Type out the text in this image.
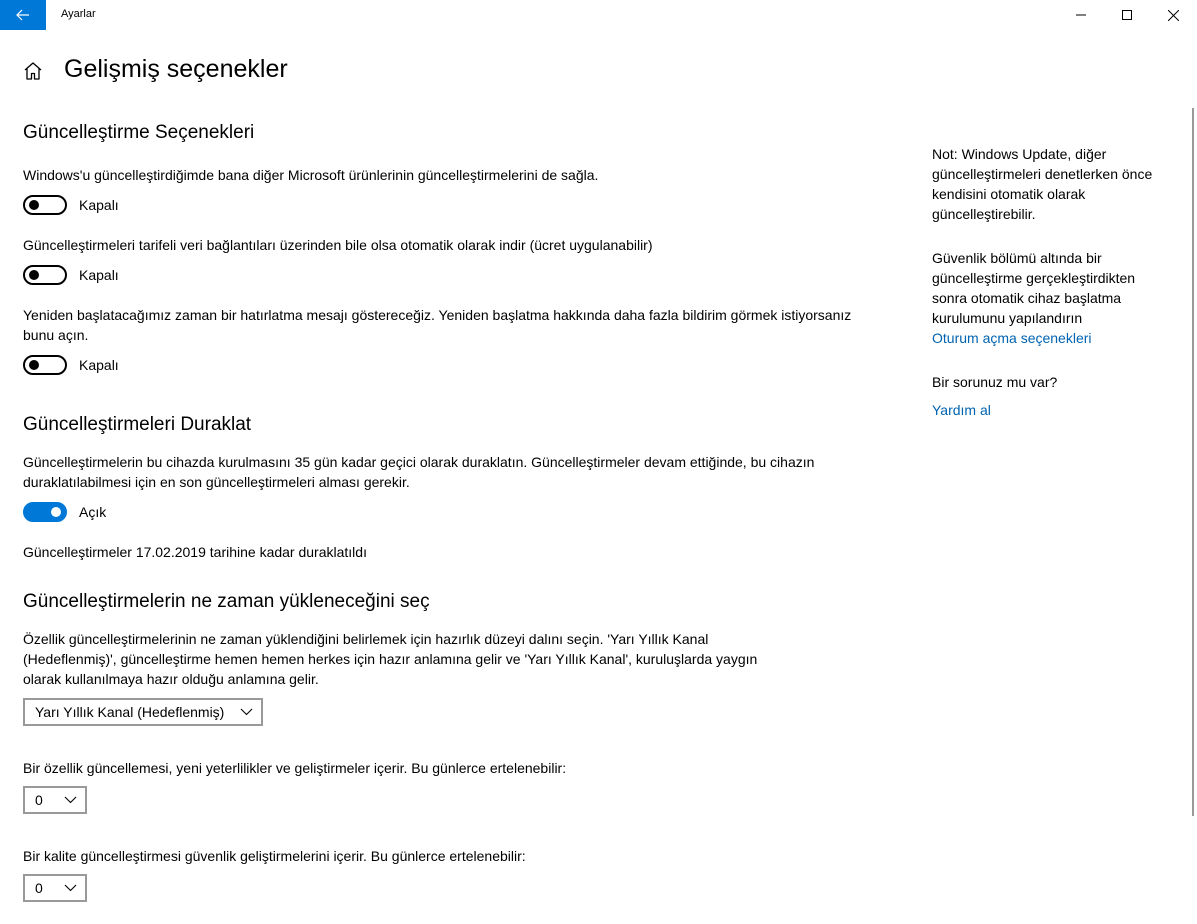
Ayarlar
Gelişmiş seçenekler
Güncelleştirme Seçenekleri
Windows'u güncelleştirdiğimde bana diğer Microsoft ürünlerinin güncelleştirmelerini de sağla.
Kapalı
Güncelleştirmeleri tarifeli veri bağlantıları üzerinden bile olsa otomatik olarak indir (ücret uygulanabilir)
Kapalı
Yeniden başlatacağımız zaman bir hatırlatma mesajı göstereceğiz. Yeniden başlatma hakkında daha fazla bildirim görmek istiyorsanız
bunu açın.
Kapalı
Güncelleştirmeleri Duraklat
Güncelleştirmelerin bu cihazda kurulmasını 35 gün kadar geçici olarak duraklatın. Güncelleştirmeler devam ettiğinde, bu cihazın
duraklatılabilmesi için en son güncelleştirmeleri alması gerekir.
Açık
Güncelleştirmeler 17.02.2019 tarihine kadar duraklatıldı
Güncelleştirmelerin ne zaman yükleneceğini seç
Özellik güncelleştirmelerinin ne zaman yüklendiğini belirlemek için hazırlık düzeyi dalını seçin. 'Yarı Yıllık Kanal
(Hedeflenmiş)', güncelleştirme hemen hemen herkes için hazır anlamına gelir ve 'Yarı Yıllık Kanal', kuruluşlarda yaygın
olarak kullanılmaya hazır olduğu anlamına gelir.
Yarı Yıllık Kanal (Hedeflenmiş)
Bir özellik güncellemesi, yeni yeterlilikler ve geliştirmeler içerir. Bu günlerce ertelenebilir:
0
Bir kalite güncelleştirmesi güvenlik geliştirmelerini içerir. Bu günlerce ertelenebilir:
0
Not: Windows Update, diğer
güncelleştirmeleri denetlerken önce
kendisini otomatik olarak
güncelleştirebilir.
Güvenlik bölümü altında bir
güncelleştirme gerçekleştirdikten
sonra otomatik cihaz başlatma
kurulumunu yapılandırın
Oturum açma seçenekleri
Bir sorunuz mu var?
Yardım al
